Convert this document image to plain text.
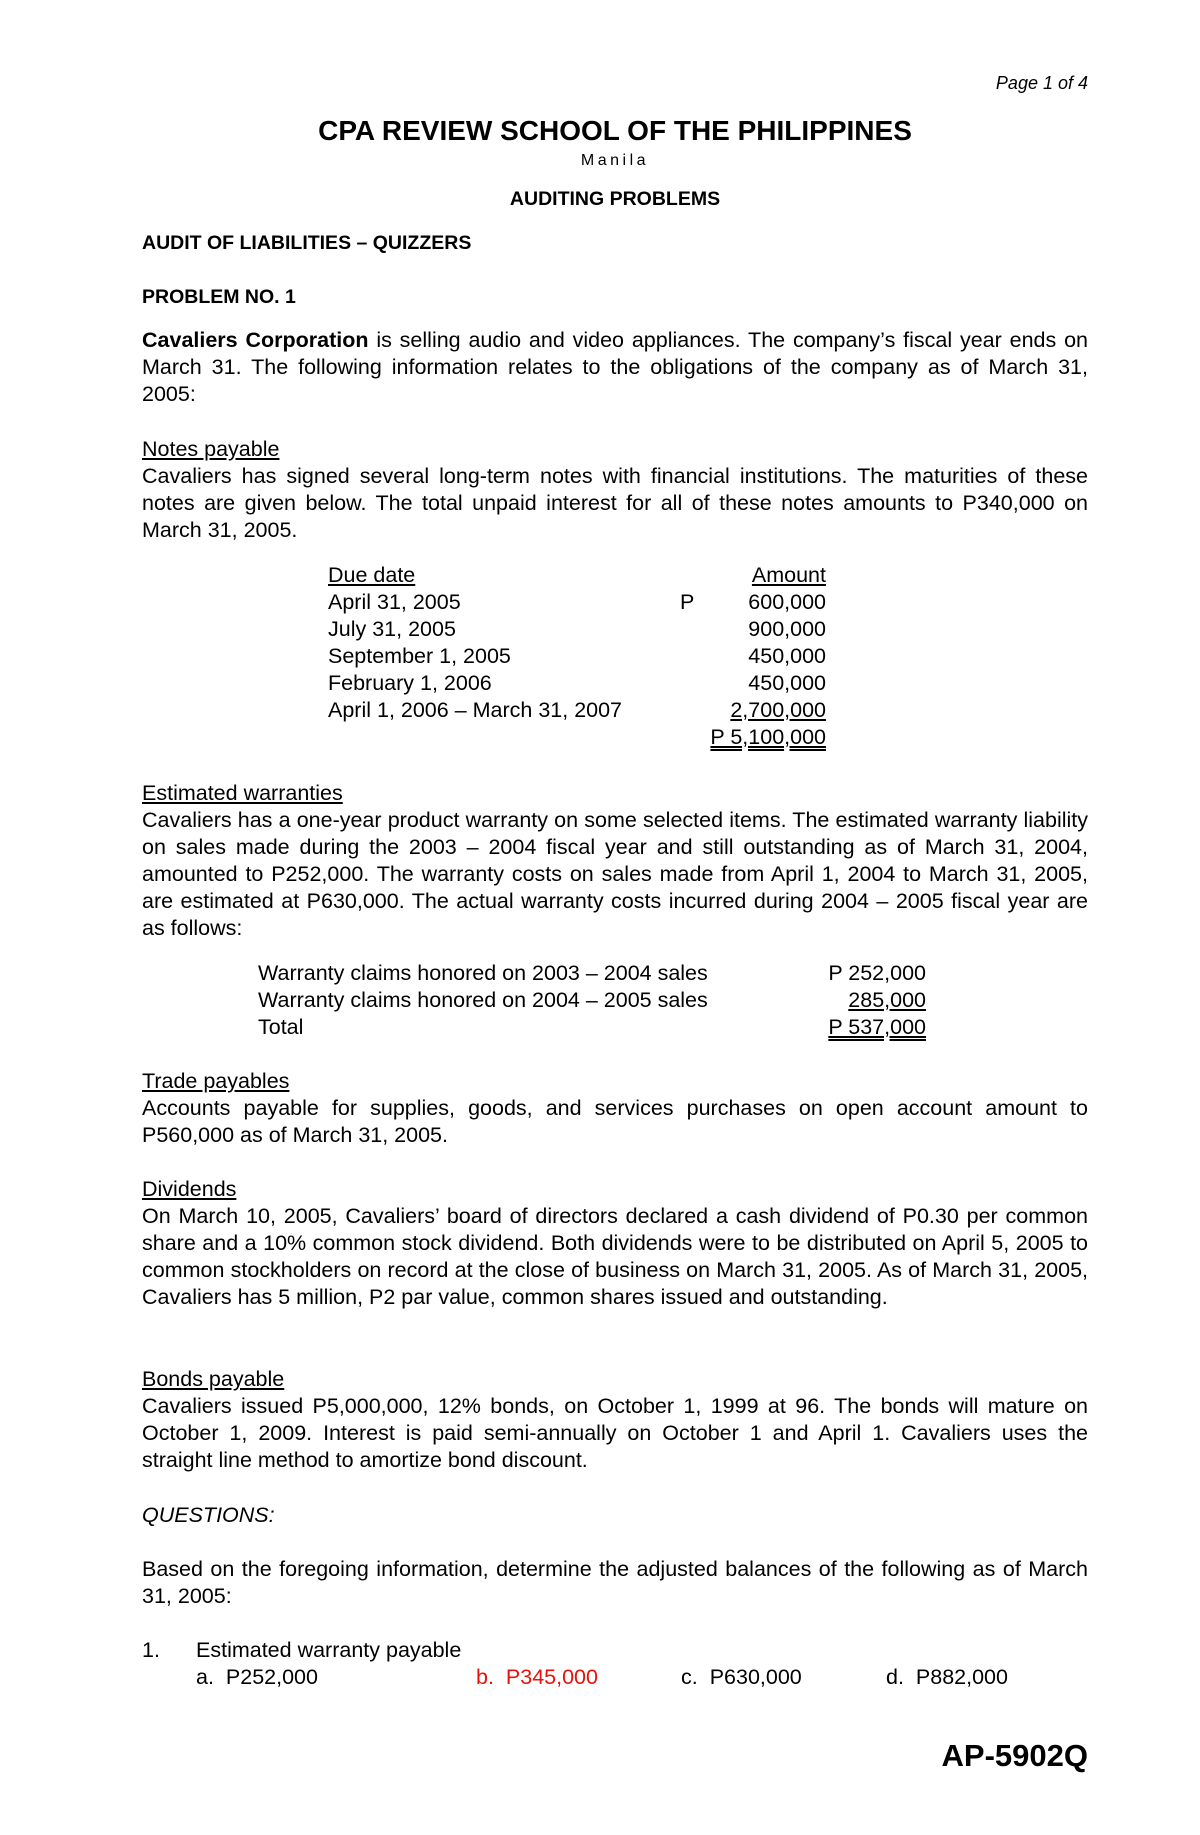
Page 1 of 4
CPA REVIEW SCHOOL OF THE PHILIPPINES
Manila
AUDITING PROBLEMS
AUDIT OF LIABILITIES – QUIZZERS
PROBLEM NO. 1

Cavaliers Corporation is selling audio and video appliances. The company’s fiscal year ends on March 31. The following information relates to the obligations of the company as of March 31, 2005:

Notes payable

Cavaliers has signed several long-term notes with financial institutions. The maturities of these notes are given below. The total unpaid interest for all of these notes amounts to P340,000 on March 31, 2005.

Due date	Amount
April 31, 2005	P	600,000
July 31, 2005	900,000
September 1, 2005	450,000
February 1, 2006	450,000
April 1, 2006 – March 31, 2007	2,700,000
P 5,100,000

Estimated warranties

Cavaliers has a one-year product warranty on some selected items. The estimated warranty liability on sales made during the 2003 – 2004 fiscal year and still outstanding as of March 31, 2004, amounted to P252,000. The warranty costs on sales made from April 1, 2004 to March 31, 2005, are estimated at P630,000. The actual warranty costs incurred during 2004 – 2005 fiscal year are as follows:

Warranty claims honored on 2003 – 2004 sales	P 252,000
Warranty claims honored on 2004 – 2005 sales	285,000
Total	P 537,000

Trade payables

Accounts payable for supplies, goods, and services purchases on open account amount to P560,000 as of March 31, 2005.

Dividends

On March 10, 2005, Cavaliers’ board of directors declared a cash dividend of P0.30 per common share and a 10% common stock dividend. Both dividends were to be distributed on April 5, 2005 to common stockholders on record at the close of business on March 31, 2005. As of March 31, 2005, Cavaliers has 5 million, P2 par value, common shares issued and outstanding.

Bonds payable

Cavaliers issued P5,000,000, 12% bonds, on October 1, 1999 at 96. The bonds will mature on October 1, 2009. Interest is paid semi-annually on October 1 and April 1. Cavaliers uses the straight line method to amortize bond discount.

QUESTIONS:

Based on the foregoing information, determine the adjusted balances of the following as of March 31, 2005:

1.	Estimated warranty payable
a. P252,000	b. P345,000	c. P630,000	d. P882,000
AP-5902Q
